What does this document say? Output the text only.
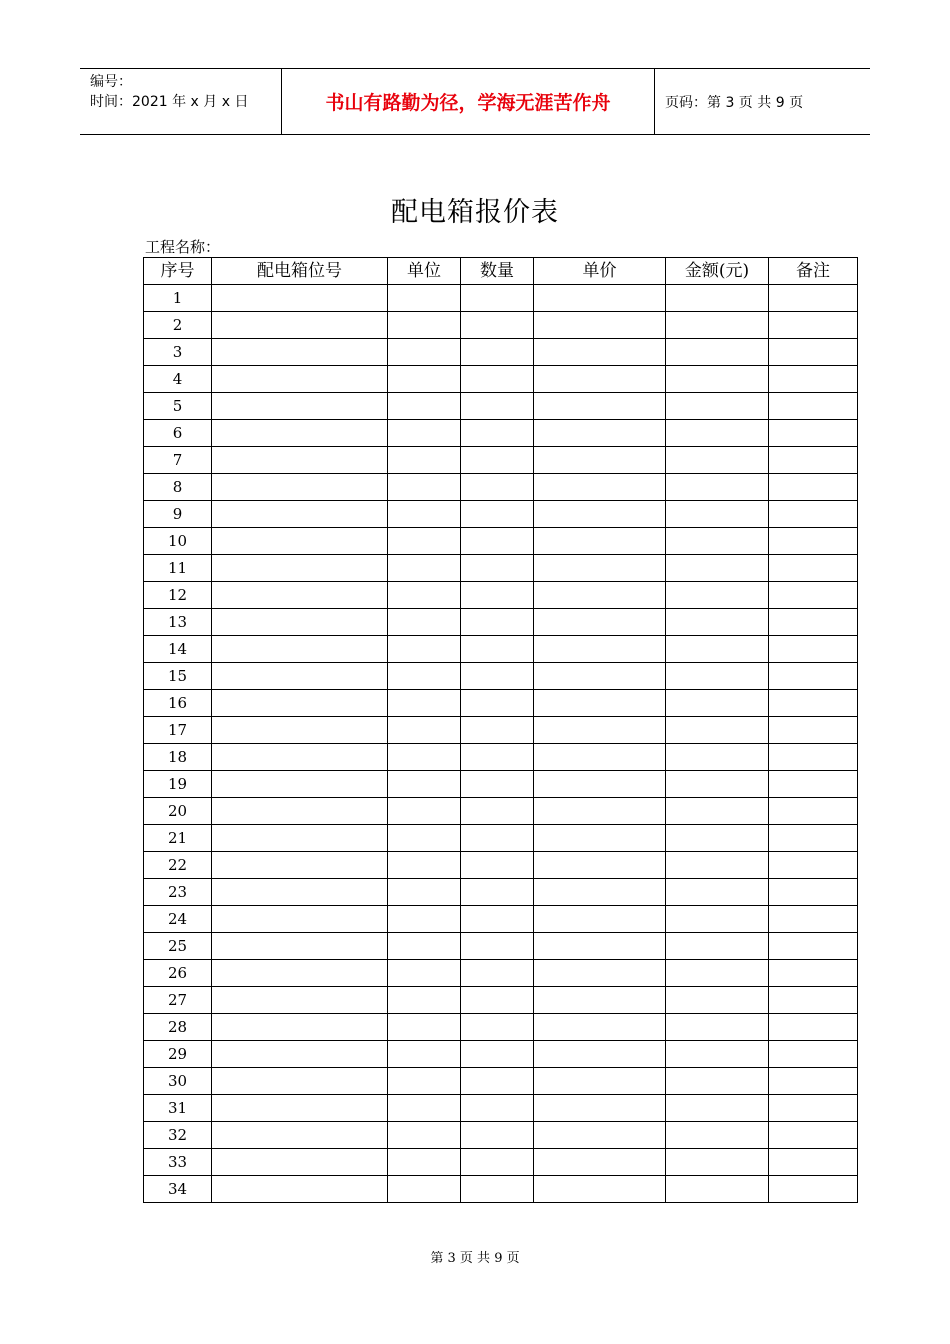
编号：
时间：2021 年 x 月 x 日	书山有路勤为径，学海无涯苦作舟	页码：第 3 页 共 9 页
配电箱报价表
工程名称：
序号	配电箱位号	单位	数量	单价	金额(元)	备注
1						
2						
3						
4						
5						
6						
7						
8						
9						
10						
11						
12						
13						
14						
15						
16						
17						
18						
19						
20						
21						
22						
23						
24						
25						
26						
27						
28						
29						
30						
31						
32						
33						
34						
第 3 页 共 9 页
